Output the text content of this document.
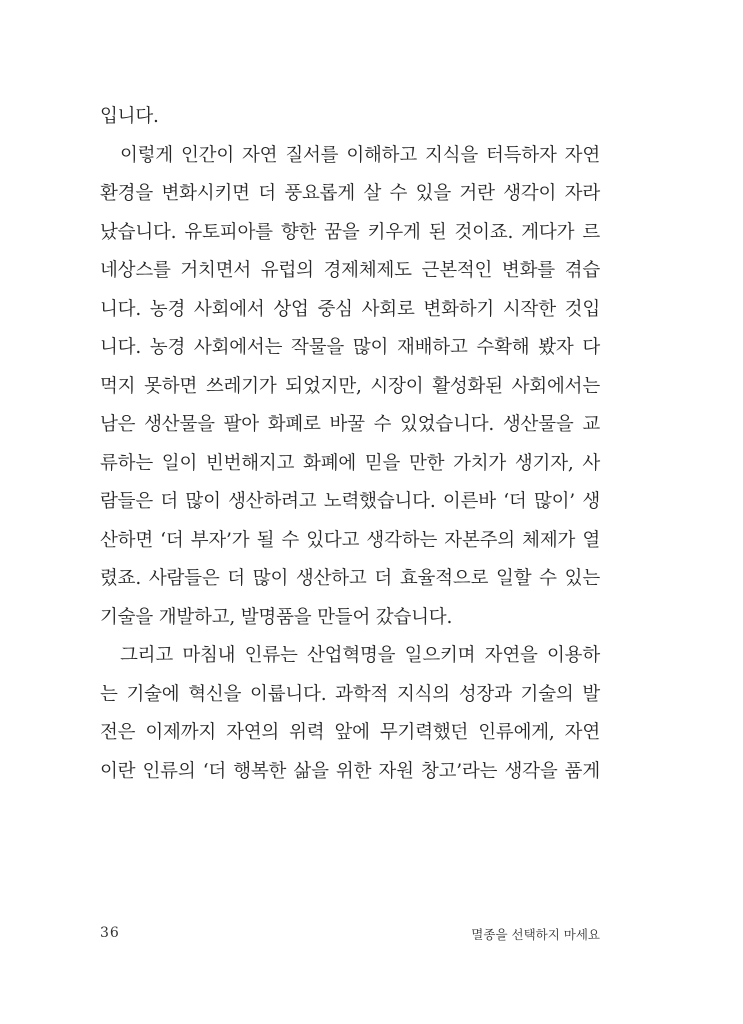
입니다.
이렇게 인간이 자연 질서를 이해하고 지식을 터득하자 자연
환경을 변화시키면 더 풍요롭게 살 수 있을 거란 생각이 자라
났습니다. 유토피아를 향한 꿈을 키우게 된 것이죠. 게다가 르
네상스를 거치면서 유럽의 경제체제도 근본적인 변화를 겪습
니다. 농경 사회에서 상업 중심 사회로 변화하기 시작한 것입
니다. 농경 사회에서는 작물을 많이 재배하고 수확해 봤자 다
먹지 못하면 쓰레기가 되었지만, 시장이 활성화된 사회에서는
남은 생산물을 팔아 화폐로 바꿀 수 있었습니다. 생산물을 교
류하는 일이 빈번해지고 화폐에 믿을 만한 가치가 생기자, 사
람들은 더 많이 생산하려고 노력했습니다. 이른바 ‘더 많이’ 생
산하면 ‘더 부자’가 될 수 있다고 생각하는 자본주의 체제가 열
렸죠. 사람들은 더 많이 생산하고 더 효율적으로 일할 수 있는
기술을 개발하고, 발명품을 만들어 갔습니다.
그리고 마침내 인류는 산업혁명을 일으키며 자연을 이용하
는 기술에 혁신을 이룹니다. 과학적 지식의 성장과 기술의 발
전은 이제까지 자연의 위력 앞에 무기력했던 인류에게, 자연
이란 인류의 ‘더 행복한 삶을 위한 자원 창고’라는 생각을 품게
36	멸종을 선택하지 마세요
